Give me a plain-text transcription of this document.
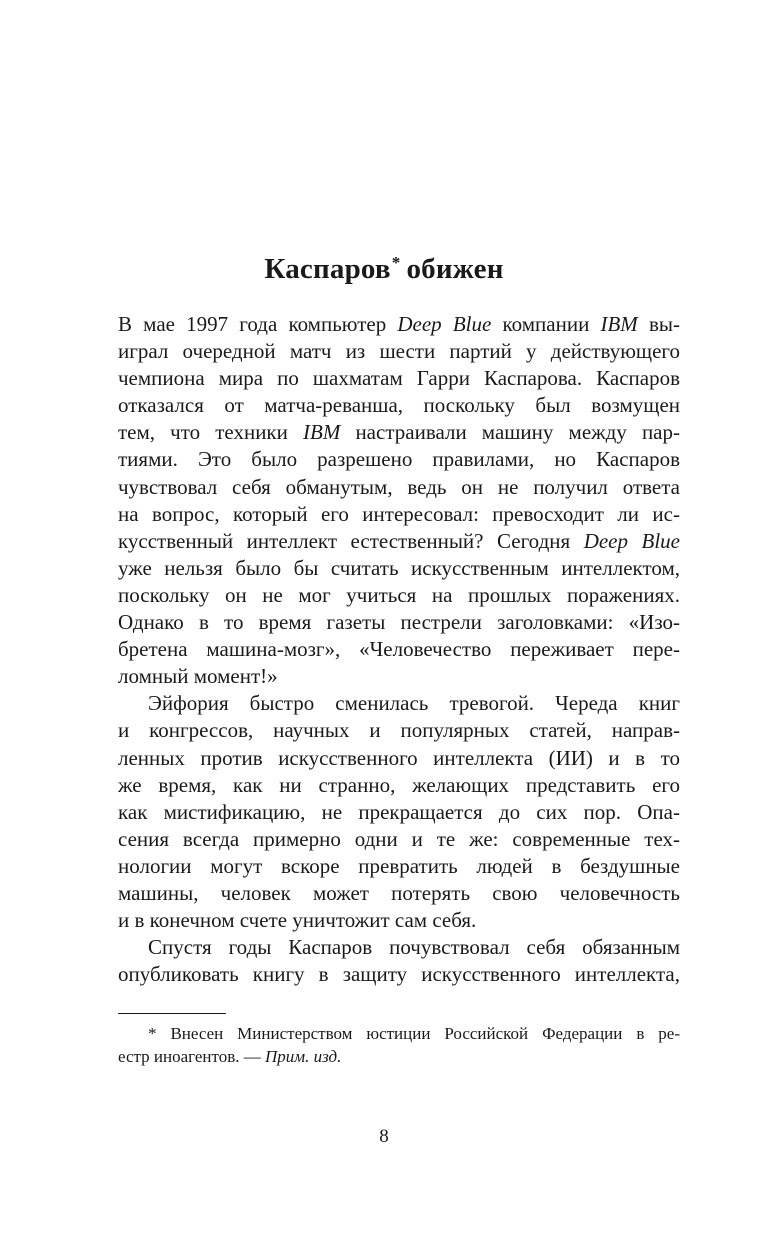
Каспаров* обижен

В мае 1997 года компьютер Deep Blue компании IBM вы-
играл очередной матч из шести партий у действующего
чемпиона мира по шахматам Гарри Каспарова. Каспаров
отказался от матча-реванша, поскольку был возмущен
тем, что техники IBM настраивали машину между пар-
тиями. Это было разрешено правилами, но Каспаров
чувствовал себя обманутым, ведь он не получил ответа
на вопрос, который его интересовал: превосходит ли ис-
кусственный интеллект естественный? Сегодня Deep Blue
уже нельзя было бы считать искусственным интеллектом,
поскольку он не мог учиться на прошлых поражениях.
Однако в то время газеты пестрели заголовками: «Изо-
бретена машина-мозг», «Человечество переживает пере-
ломный момент!»

Эйфория быстро сменилась тревогой. Череда книг
и конгрессов, научных и популярных статей, направ-
ленных против искусственного интеллекта (ИИ) и в то
же время, как ни странно, желающих представить его
как мистификацию, не прекращается до сих пор. Опа-
сения всегда примерно одни и те же: современные тех-
нологии могут вскоре превратить людей в бездушные
машины, человек может потерять свою человечность
и в конечном счете уничтожит сам себя.

Спустя годы Каспаров почувствовал себя обязанным
опубликовать книгу в защиту искусственного интеллекта,

* Внесен Министерством юстиции Российской Федерации в ре-
естр иноагентов. — Прим. изд.
8
